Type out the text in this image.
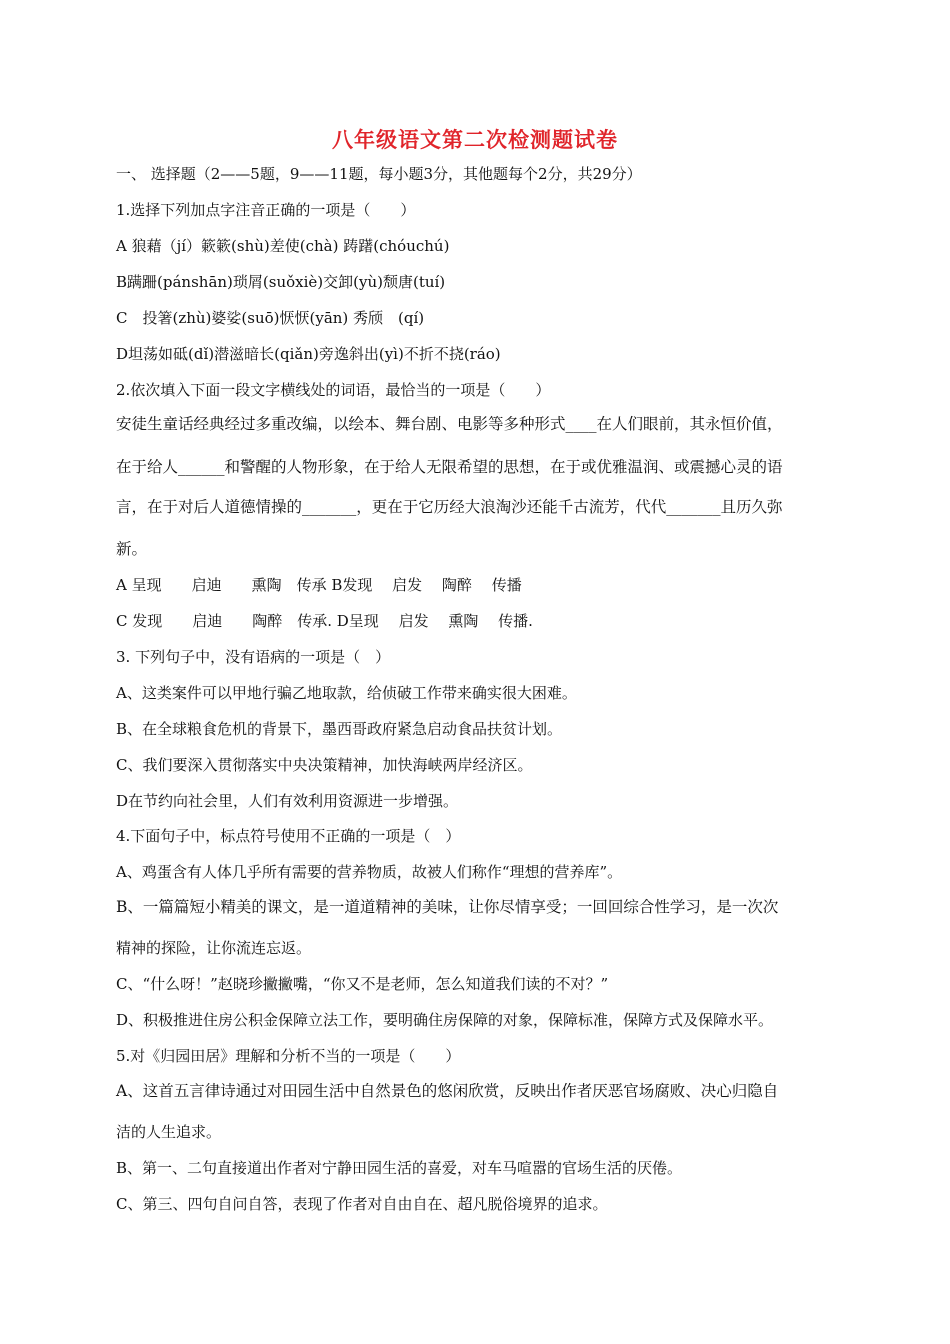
八年级语文第二次检测题试卷
一、 选择题（2——5题，9——11题，每小题3分，其他题每个2分，共29分）
1.选择下列加点字注音正确的一项是（　　）
A 狼藉（jí）簌簌(shù)差使(chà) 踌躇(chóuchú)
B蹒跚(pánshān)琐屑(suǒxiè)交卸(yù)颓唐(tuí)
C　投箸(zhù)婆娑(suō)恹恹(yān) 秀颀　(qí)
D坦荡如砥(dǐ)潜滋暗长(qiǎn)旁逸斜出(yì)不折不挠(ráo)
2.依次填入下面一段文字横线处的词语，最恰当的一项是（　　）
安徒生童话经典经过多重改编，以绘本、舞台剧、电影等多种形式____在人们眼前，其永恒价值，
在于给人______和警醒的人物形象，在于给人无限希望的思想，在于或优雅温润、或震撼心灵的语
言，在于对后人道德情操的_______，更在于它历经大浪淘沙还能千古流芳，代代_______且历久弥
新。
A 呈现　　启迪　　熏陶　传承 B发现　 启发　 陶醉　 传播
C 发现　　启迪　　陶醉　传承. D呈现　 启发　 熏陶　 传播.
3. 下列句子中，没有语病的一项是（　）
A、这类案件可以甲地行骗乙地取款，给侦破工作带来确实很大困难。
B、在全球粮食危机的背景下，墨西哥政府紧急启动食品扶贫计划。
C、我们要深入贯彻落实中央决策精神，加快海峡两岸经济区。
D在节约向社会里，人们有效利用资源进一步增强。
4.下面句子中，标点符号使用不正确的一项是（　）
A、鸡蛋含有人体几乎所有需要的营养物质，故被人们称作“理想的营养库”。
B、一篇篇短小精美的课文，是一道道精神的美味，让你尽情享受；一回回综合性学习，是一次次
精神的探险，让你流连忘返。
C、“什么呀！”赵晓珍撇撇嘴，“你又不是老师，怎么知道我们读的不对？”
D、积极推进住房公积金保障立法工作，要明确住房保障的对象，保障标准，保障方式及保障水平。
5.对《归园田居》理解和分析不当的一项是（　　）
A、这首五言律诗通过对田园生活中自然景色的悠闲欣赏，反映出作者厌恶官场腐败、决心归隐自
洁的人生追求。
B、第一、二句直接道出作者对宁静田园生活的喜爱，对车马喧嚣的官场生活的厌倦。
C、第三、四句自问自答，表现了作者对自由自在、超凡脱俗境界的追求。
